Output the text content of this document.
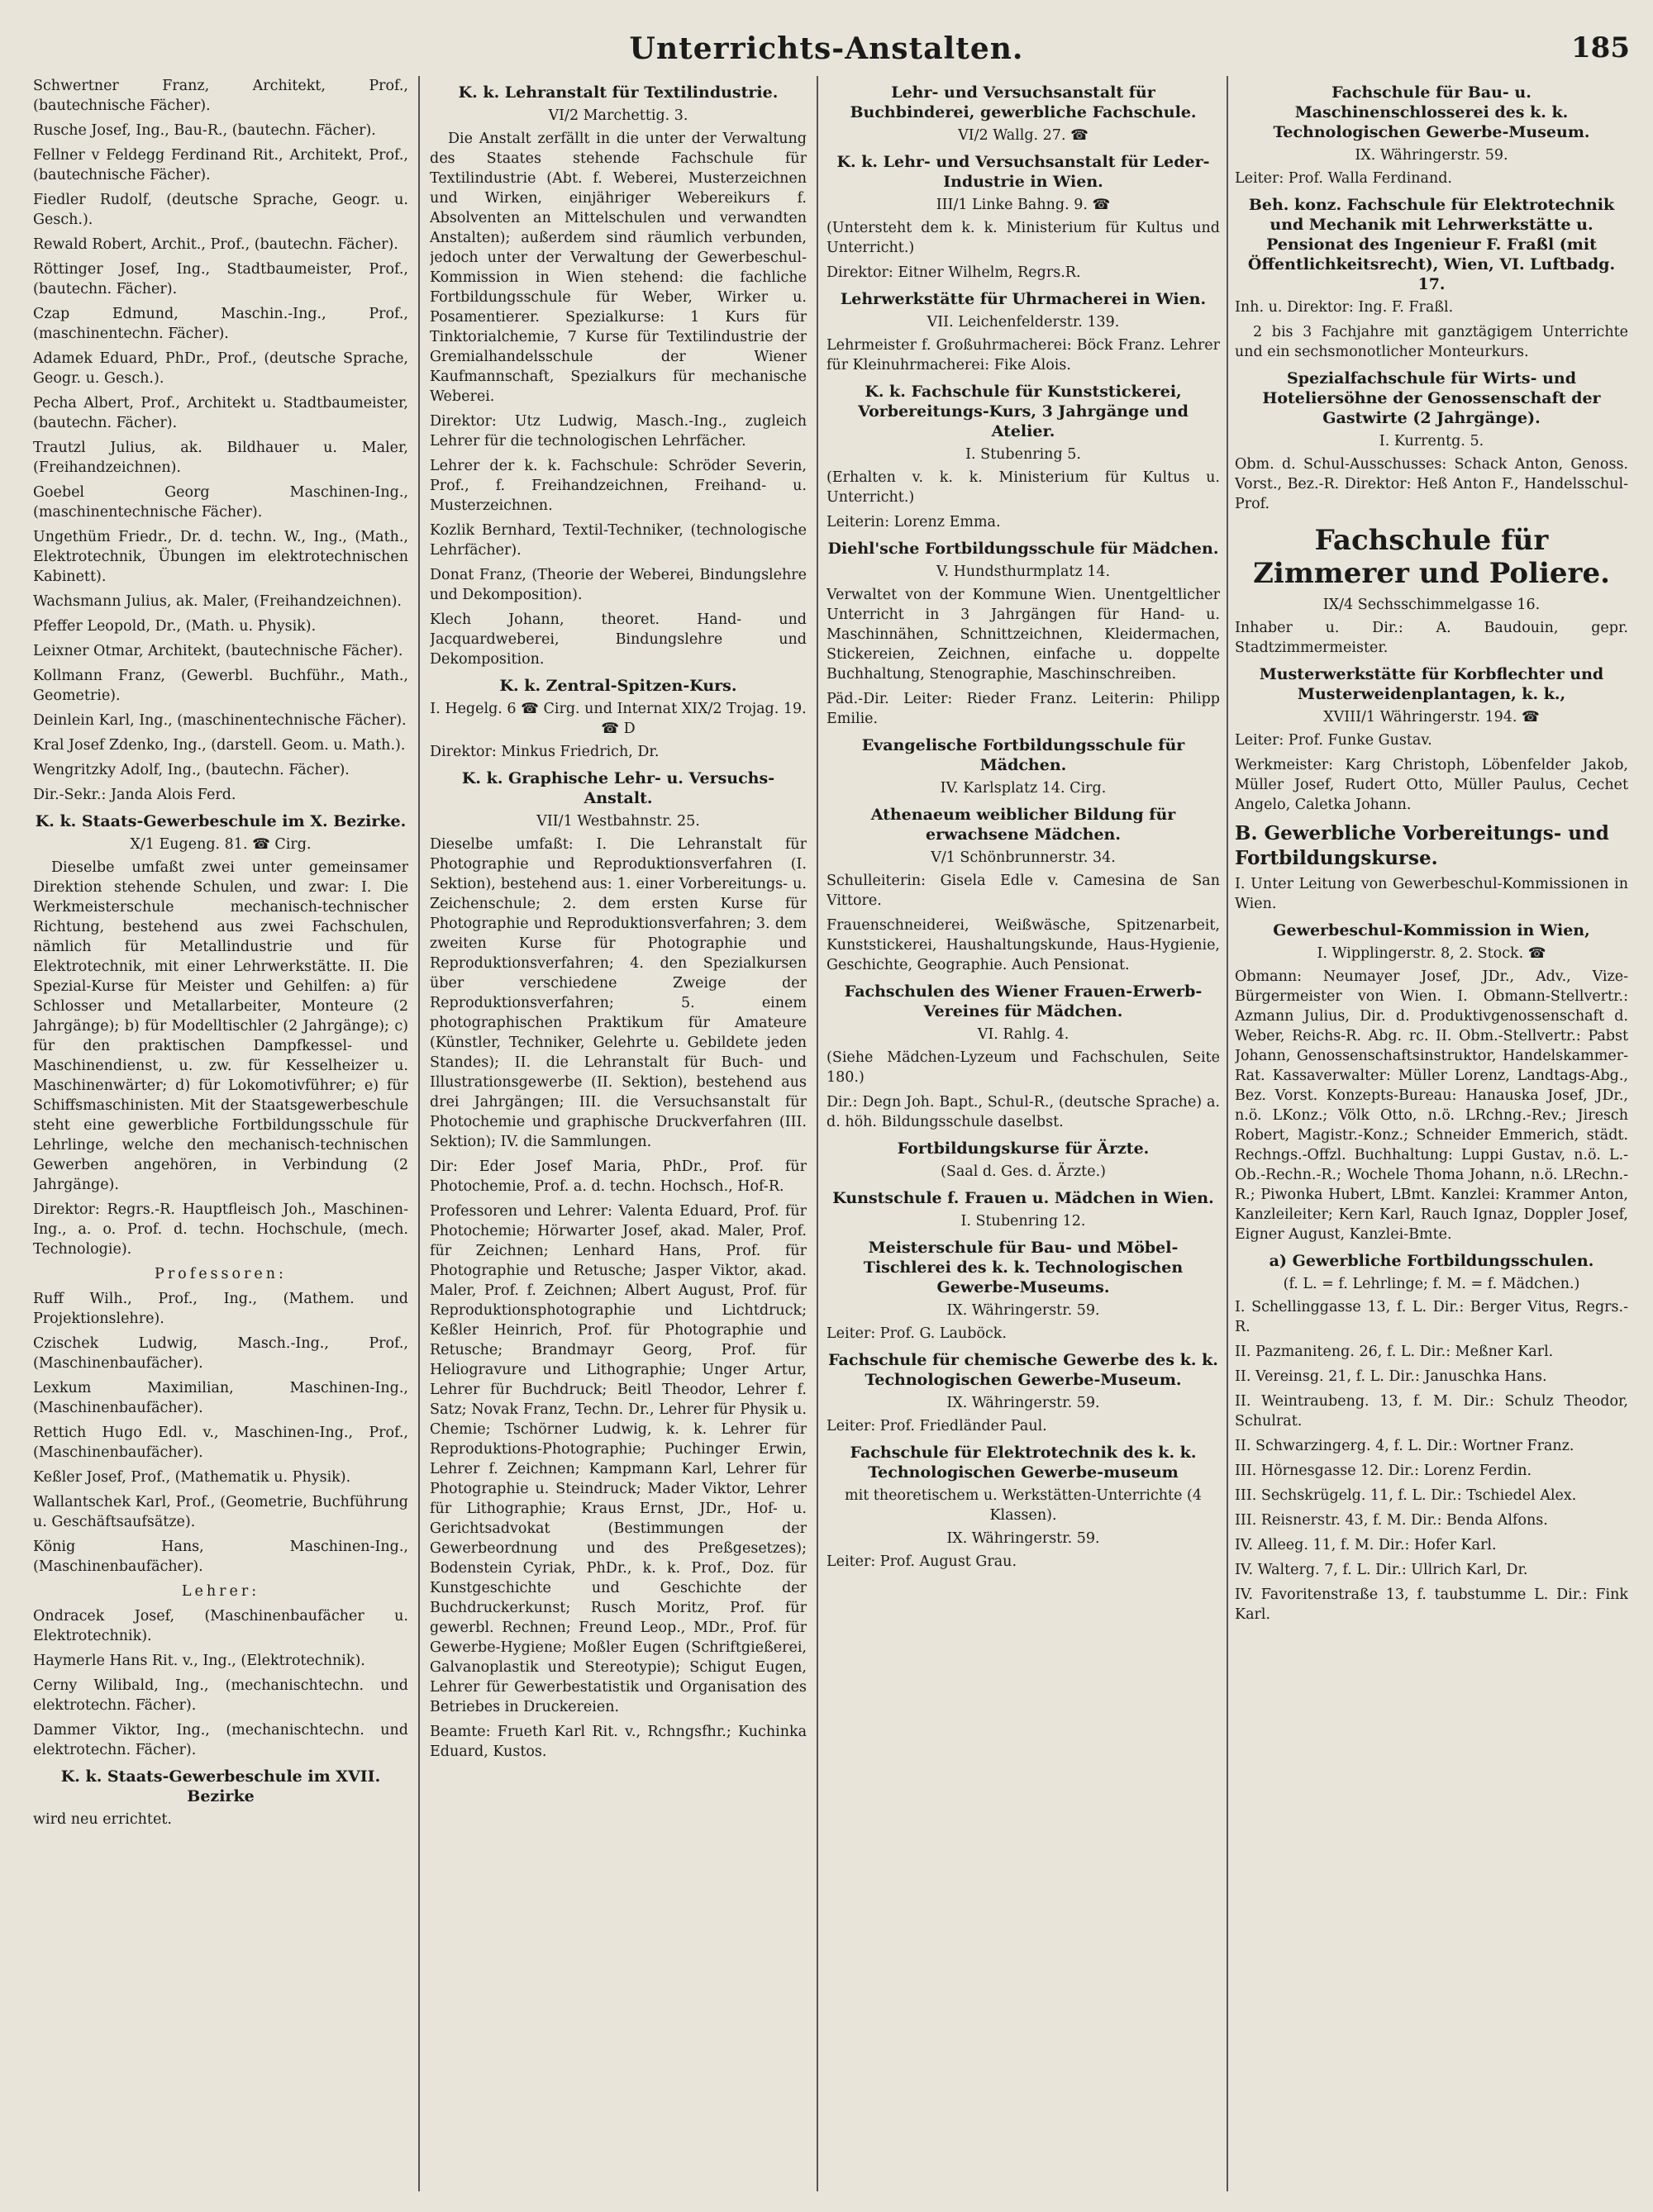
Unterrichts-Anstalten.	185

Schwertner Franz, Architekt, Prof., (bautechnische Fächer).

Rusche Josef, Ing., Bau-R., (bautechn. Fächer).

Fellner v Feldegg Ferdinand Rit., Architekt, Prof., (bautechnische Fächer).

Fiedler Rudolf, (deutsche Sprache, Geogr. u. Gesch.).

Rewald Robert, Archit., Prof., (bautechn. Fächer).

Röttinger Josef, Ing., Stadtbaumeister, Prof., (bautechn. Fächer).

Czap Edmund, Maschin.-Ing., Prof., (maschinentechn. Fächer).

Adamek Eduard, PhDr., Prof., (deutsche Sprache, Geogr. u. Gesch.).

Pecha Albert, Prof., Architekt u. Stadtbaumeister, (bautechn. Fächer).

Trautzl Julius, ak. Bildhauer u. Maler, (Freihandzeichnen).

Goebel Georg Maschinen-Ing., (maschinentechnische Fächer).

Ungethüm Friedr., Dr. d. techn. W., Ing., (Math., Elektrotechnik, Übungen im elektrotechnischen Kabinett).

Wachsmann Julius, ak. Maler, (Freihandzeichnen).

Pfeffer Leopold, Dr., (Math. u. Physik).

Leixner Otmar, Architekt, (bautechnische Fächer).

Kollmann Franz, (Gewerbl. Buchführ., Math., Geometrie).

Deinlein Karl, Ing., (maschinentechnische Fächer).

Kral Josef Zdenko, Ing., (darstell. Geom. u. Math.).

Wengritzky Adolf, Ing., (bautechn. Fächer).

Dir.-Sekr.: Janda Alois Ferd.

K. k. Staats-Gewerbeschule im X. Bezirke.
X/1 Eugeng. 81. ☎ Cirg.

Dieselbe umfaßt zwei unter gemeinsamer Direktion stehende Schulen, und zwar: I. Die Werkmeisterschule mechanisch-technischer Richtung, bestehend aus zwei Fachschulen, nämlich für Metallindustrie und für Elektrotechnik, mit einer Lehrwerkstätte. II. Die Spezial-Kurse für Meister und Gehilfen: a) für Schlosser und Metallarbeiter, Monteure (2 Jahrgänge); b) für Modelltischler (2 Jahrgänge); c) für den praktischen Dampfkessel- und Maschinendienst, u. zw. für Kesselheizer u. Maschinenwärter; d) für Lokomotivführer; e) für Schiffsmaschinisten. Mit der Staatsgewerbeschule steht eine gewerbliche Fortbildungsschule für Lehrlinge, welche den mechanisch-technischen Gewerben angehören, in Verbindung (2 Jahrgänge).

Direktor: Regrs.-R. Hauptfleisch Joh., Maschinen-Ing., a. o. Prof. d. techn. Hochschule, (mech. Technologie).

Professoren:

Ruff Wilh., Prof., Ing., (Mathem. und Projektionslehre).

Czischek Ludwig, Masch.-Ing., Prof., (Maschinenbaufächer).

Lexkum Maximilian, Maschinen-Ing., (Maschinenbaufächer).

Rettich Hugo Edl. v., Maschinen-Ing., Prof., (Maschinenbaufächer).

Keßler Josef, Prof., (Mathematik u. Physik).

Wallantschek Karl, Prof., (Geometrie, Buchführung u. Geschäftsaufsätze).

König Hans, Maschinen-Ing., (Maschinenbaufächer).

Lehrer:

Ondracek Josef, (Maschinenbaufächer u. Elektrotechnik).

Haymerle Hans Rit. v., Ing., (Elektrotechnik).

Cerny Wilibald, Ing., (mechanischtechn. und elektrotechn. Fächer).

Dammer Viktor, Ing., (mechanischtechn. und elektrotechn. Fächer).

K. k. Staats-Gewerbeschule im XVII. Bezirke

wird neu errichtet.

K. k. Lehranstalt für Textilindustrie.
VI/2 Marchettig. 3.

Die Anstalt zerfällt in die unter der Verwaltung des Staates stehende Fachschule für Textilindustrie (Abt. f. Weberei, Musterzeichnen und Wirken, einjähriger Webereikurs f. Absolventen an Mittelschulen und verwandten Anstalten); außerdem sind räumlich verbunden, jedoch unter der Verwaltung der Gewerbeschul-Kommission in Wien stehend: die fachliche Fortbildungsschule für Weber, Wirker u. Posamentierer. Spezialkurse: 1 Kurs für Tinktorialchemie, 7 Kurse für Textilindustrie der Gremialhandelsschule der Wiener Kaufmannschaft, Spezialkurs für mechanische Weberei.

Direktor: Utz Ludwig, Masch.-Ing., zugleich Lehrer für die technologischen Lehrfächer.

Lehrer der k. k. Fachschule: Schröder Severin, Prof., f. Freihandzeichnen, Freihand- u. Musterzeichnen.

Kozlik Bernhard, Textil-Techniker, (technologische Lehrfächer).

Donat Franz, (Theorie der Weberei, Bindungslehre und Dekomposition).

Klech Johann, theoret. Hand- und Jacquardweberei, Bindungslehre und Dekomposition.

K. k. Zentral-Spitzen-Kurs.
I. Hegelg. 6 ☎ Cirg. und Internat XIX/2 Trojag. 19. ☎ D

Direktor: Minkus Friedrich, Dr.

K. k. Graphische Lehr- u. Versuchs-Anstalt.
VII/1 Westbahnstr. 25.

Dieselbe umfaßt: I. Die Lehranstalt für Photographie und Reproduktionsverfahren (I. Sektion), bestehend aus: 1. einer Vorbereitungs- u. Zeichenschule; 2. dem ersten Kurse für Photographie und Reproduktionsverfahren; 3. dem zweiten Kurse für Photographie und Reproduktionsverfahren; 4. den Spezialkursen über verschiedene Zweige der Reproduktionsverfahren; 5. einem photographischen Praktikum für Amateure (Künstler, Techniker, Gelehrte u. Gebildete jeden Standes); II. die Lehranstalt für Buch- und Illustrationsgewerbe (II. Sektion), bestehend aus drei Jahrgängen; III. die Versuchsanstalt für Photochemie und graphische Druckverfahren (III. Sektion); IV. die Sammlungen.

Dir: Eder Josef Maria, PhDr., Prof. für Photochemie, Prof. a. d. techn. Hochsch., Hof-R.

Professoren und Lehrer: Valenta Eduard, Prof. für Photochemie; Hörwarter Josef, akad. Maler, Prof. für Zeichnen; Lenhard Hans, Prof. für Photographie und Retusche; Jasper Viktor, akad. Maler, Prof. f. Zeichnen; Albert August, Prof. für Reproduktionsphotographie und Lichtdruck; Keßler Heinrich, Prof. für Photographie und Retusche; Brandmayr Georg, Prof. für Heliogravure und Lithographie; Unger Artur, Lehrer für Buchdruck; Beitl Theodor, Lehrer f. Satz; Novak Franz, Techn. Dr., Lehrer für Physik u. Chemie; Tschörner Ludwig, k. k. Lehrer für Reproduktions-Photographie; Puchinger Erwin, Lehrer f. Zeichnen; Kampmann Karl, Lehrer für Photographie u. Steindruck; Mader Viktor, Lehrer für Lithographie; Kraus Ernst, JDr., Hof- u. Gerichtsadvokat (Bestimmungen der Gewerbeordnung und des Preßgesetzes); Bodenstein Cyriak, PhDr., k. k. Prof., Doz. für Kunstgeschichte und Geschichte der Buchdruckerkunst; Rusch Moritz, Prof. für gewerbl. Rechnen; Freund Leop., MDr., Prof. für Gewerbe-Hygiene; Moßler Eugen (Schriftgießerei, Galvanoplastik und Stereotypie); Schigut Eugen, Lehrer für Gewerbestatistik und Organisation des Betriebes in Druckereien.

Beamte: Frueth Karl Rit. v., Rchngsfhr.; Kuchinka Eduard, Kustos.

Lehr- und Versuchsanstalt für Buchbinderei, gewerbliche Fachschule.
VI/2 Wallg. 27. ☎
K. k. Lehr- und Versuchsanstalt für Leder-Industrie in Wien.
III/1 Linke Bahng. 9. ☎

(Untersteht dem k. k. Ministerium für Kultus und Unterricht.)

Direktor: Eitner Wilhelm, Regrs.R.

Lehrwerkstätte für Uhrmacherei in Wien.
VII. Leichenfelderstr. 139.

Lehrmeister f. Großuhrmacherei: Böck Franz. Lehrer für Kleinuhrmacherei: Fike Alois.

K. k. Fachschule für Kunststickerei, Vorbereitungs-Kurs, 3 Jahrgänge und Atelier.
I. Stubenring 5.

(Erhalten v. k. k. Ministerium für Kultus u. Unterricht.)

Leiterin: Lorenz Emma.

Diehl'sche Fortbildungsschule für Mädchen.
V. Hundsthurmplatz 14.

Verwaltet von der Kommune Wien. Unentgeltlicher Unterricht in 3 Jahrgängen für Hand- u. Maschinnähen, Schnittzeichnen, Kleidermachen, Stickereien, Zeichnen, einfache u. doppelte Buchhaltung, Stenographie, Maschinschreiben.

Päd.-Dir. Leiter: Rieder Franz. Leiterin: Philipp Emilie.

Evangelische Fortbildungsschule für Mädchen.
IV. Karlsplatz 14. Cirg.
Athenaeum weiblicher Bildung für erwachsene Mädchen.
V/1 Schönbrunnerstr. 34.

Schulleiterin: Gisela Edle v. Camesina de San Vittore.

Frauenschneiderei, Weißwäsche, Spitzenarbeit, Kunststickerei, Haushaltungskunde, Haus-Hygienie, Geschichte, Geographie. Auch Pensionat.

Fachschulen des Wiener Frauen-Erwerb-Vereines für Mädchen.
VI. Rahlg. 4.

(Siehe Mädchen-Lyzeum und Fachschulen, Seite 180.)

Dir.: Degn Joh. Bapt., Schul-R., (deutsche Sprache) a. d. höh. Bildungsschule daselbst.

Fortbildungskurse für Ärzte.
(Saal d. Ges. d. Ärzte.)
Kunstschule f. Frauen u. Mädchen in Wien.
I. Stubenring 12.
Meisterschule für Bau- und Möbel-Tischlerei des k. k. Technologischen Gewerbe-Museums.
IX. Währingerstr. 59.

Leiter: Prof. G. Lauböck.

Fachschule für chemische Gewerbe des k. k. Technologischen Gewerbe-Museum.
IX. Währingerstr. 59.

Leiter: Prof. Friedländer Paul.

Fachschule für Elektrotechnik des k. k. Technologischen Gewerbe-museum
mit theoretischem u. Werkstätten-Unterrichte (4 Klassen).
IX. Währingerstr. 59.

Leiter: Prof. August Grau.

Fachschule für Bau- u. Maschinenschlosserei des k. k. Technologischen Gewerbe-Museum.
IX. Währingerstr. 59.

Leiter: Prof. Walla Ferdinand.

Beh. konz. Fachschule für Elektrotechnik und Mechanik mit Lehrwerkstätte u. Pensionat des Ingenieur F. Fraßl (mit Öffentlichkeitsrecht), Wien, VI. Luftbadg. 17.

Inh. u. Direktor: Ing. F. Fraßl.

2 bis 3 Fachjahre mit ganztägigem Unterrichte und ein sechsmonotlicher Monteurkurs.

Spezialfachschule für Wirts- und Hoteliersöhne der Genossenschaft der Gastwirte (2 Jahrgänge).
I. Kurrentg. 5.

Obm. d. Schul-Ausschusses: Schack Anton, Genoss. Vorst., Bez.-R. Direktor: Heß Anton F., Handelsschul-Prof.

Fachschule für Zimmerer und Poliere.
IX/4 Sechsschimmelgasse 16.

Inhaber u. Dir.: A. Baudouin, gepr. Stadtzimmermeister.

Musterwerkstätte für Korbflechter und Musterweidenplantagen, k. k.,
XVIII/1 Währingerstr. 194. ☎

Leiter: Prof. Funke Gustav.

Werkmeister: Karg Christoph, Löbenfelder Jakob, Müller Josef, Rudert Otto, Müller Paulus, Cechet Angelo, Caletka Johann.

B. Gewerbliche Vorbereitungs- und Fortbildungskurse.

I. Unter Leitung von Gewerbeschul-Kommissionen in Wien.

Gewerbeschul-Kommission in Wien,
I. Wipplingerstr. 8, 2. Stock. ☎

Obmann: Neumayer Josef, JDr., Adv., Vize-Bürgermeister von Wien. I. Obmann-Stellvertr.: Azmann Julius, Dir. d. Produktivgenossenschaft d. Weber, Reichs-R. Abg. rc. II. Obm.-Stellvertr.: Pabst Johann, Genossenschaftsinstruktor, Handelskammer-Rat. Kassaverwalter: Müller Lorenz, Landtags-Abg., Bez. Vorst. Konzepts-Bureau: Hanauska Josef, JDr., n.ö. LKonz.; Völk Otto, n.ö. LRchng.-Rev.; Jiresch Robert, Magistr.-Konz.; Schneider Emmerich, städt. Rechngs.-Offzl. Buchhaltung: Luppi Gustav, n.ö. L.-Ob.-Rechn.-R.; Wochele Thoma Johann, n.ö. LRechn.-R.; Piwonka Hubert, LBmt. Kanzlei: Krammer Anton, Kanzleileiter; Kern Karl, Rauch Ignaz, Doppler Josef, Eigner August, Kanzlei-Bmte.

a) Gewerbliche Fortbildungsschulen.
(f. L. = f. Lehrlinge; f. M. = f. Mädchen.)

I. Schellinggasse 13, f. L. Dir.: Berger Vitus, Regrs.-R.

II. Pazmaniteng. 26, f. L. Dir.: Meßner Karl.

II. Vereinsg. 21, f. L. Dir.: Januschka Hans.

II. Weintraubeng. 13, f. M. Dir.: Schulz Theodor, Schulrat.

II. Schwarzingerg. 4, f. L. Dir.: Wortner Franz.

III. Hörnesgasse 12. Dir.: Lorenz Ferdin.

III. Sechskrügelg. 11, f. L. Dir.: Tschiedel Alex.

III. Reisnerstr. 43, f. M. Dir.: Benda Alfons.

IV. Alleeg. 11, f. M. Dir.: Hofer Karl.

IV. Walterg. 7, f. L. Dir.: Ullrich Karl, Dr.

IV. Favoritenstraße 13, f. taubstumme L. Dir.: Fink Karl.
